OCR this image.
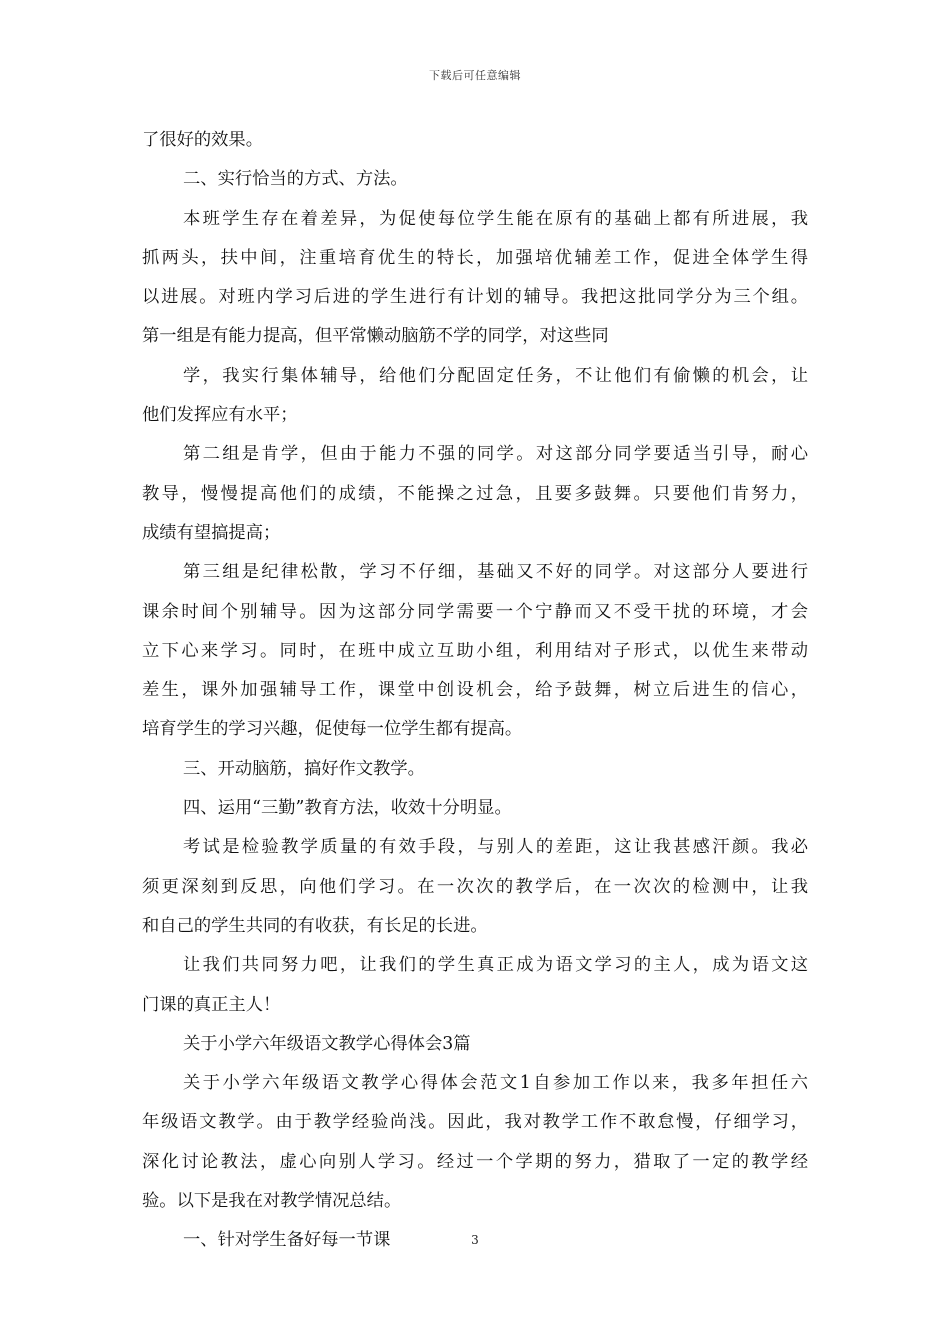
下载后可任意编辑
了很好的效果。
二、实行恰当的方式、方法。
本班学生存在着差异，为促使每位学生能在原有的基础上都有所进展，我
抓两头，扶中间，注重培育优生的特长，加强培优辅差工作，促进全体学生得
以进展。对班内学习后进的学生进行有计划的辅导。我把这批同学分为三个组。
第一组是有能力提高，但平常懒动脑筋不学的同学，对这些同
学，我实行集体辅导，给他们分配固定任务，不让他们有偷懒的机会，让
他们发挥应有水平；
第二组是肯学，但由于能力不强的同学。对这部分同学要适当引导，耐心
教导，慢慢提高他们的成绩，不能操之过急，且要多鼓舞。只要他们肯努力，
成绩有望搞提高；
第三组是纪律松散，学习不仔细，基础又不好的同学。对这部分人要进行
课余时间个别辅导。因为这部分同学需要一个宁静而又不受干扰的环境，才会
立下心来学习。同时，在班中成立互助小组，利用结对子形式，以优生来带动
差生，课外加强辅导工作，课堂中创设机会，给予鼓舞，树立后进生的信心，
培育学生的学习兴趣，促使每一位学生都有提高。
三、开动脑筋，搞好作文教学。
四、运用“三勤”教育方法，收效十分明显。
考试是检验教学质量的有效手段，与别人的差距，这让我甚感汗颜。我必
须更深刻到反思，向他们学习。在一次次的教学后，在一次次的检测中，让我
和自己的学生共同的有收获，有长足的长进。
让我们共同努力吧，让我们的学生真正成为语文学习的主人，成为语文这
门课的真正主人！
关于小学六年级语文教学心得体会3篇
关于小学六年级语文教学心得体会范文1自参加工作以来，我多年担任六
年级语文教学。由于教学经验尚浅。因此，我对教学工作不敢怠慢，仔细学习，
深化讨论教法，虚心向别人学习。经过一个学期的努力，猎取了一定的教学经
验。以下是我在对教学情况总结。
一、针对学生备好每一节课	3
